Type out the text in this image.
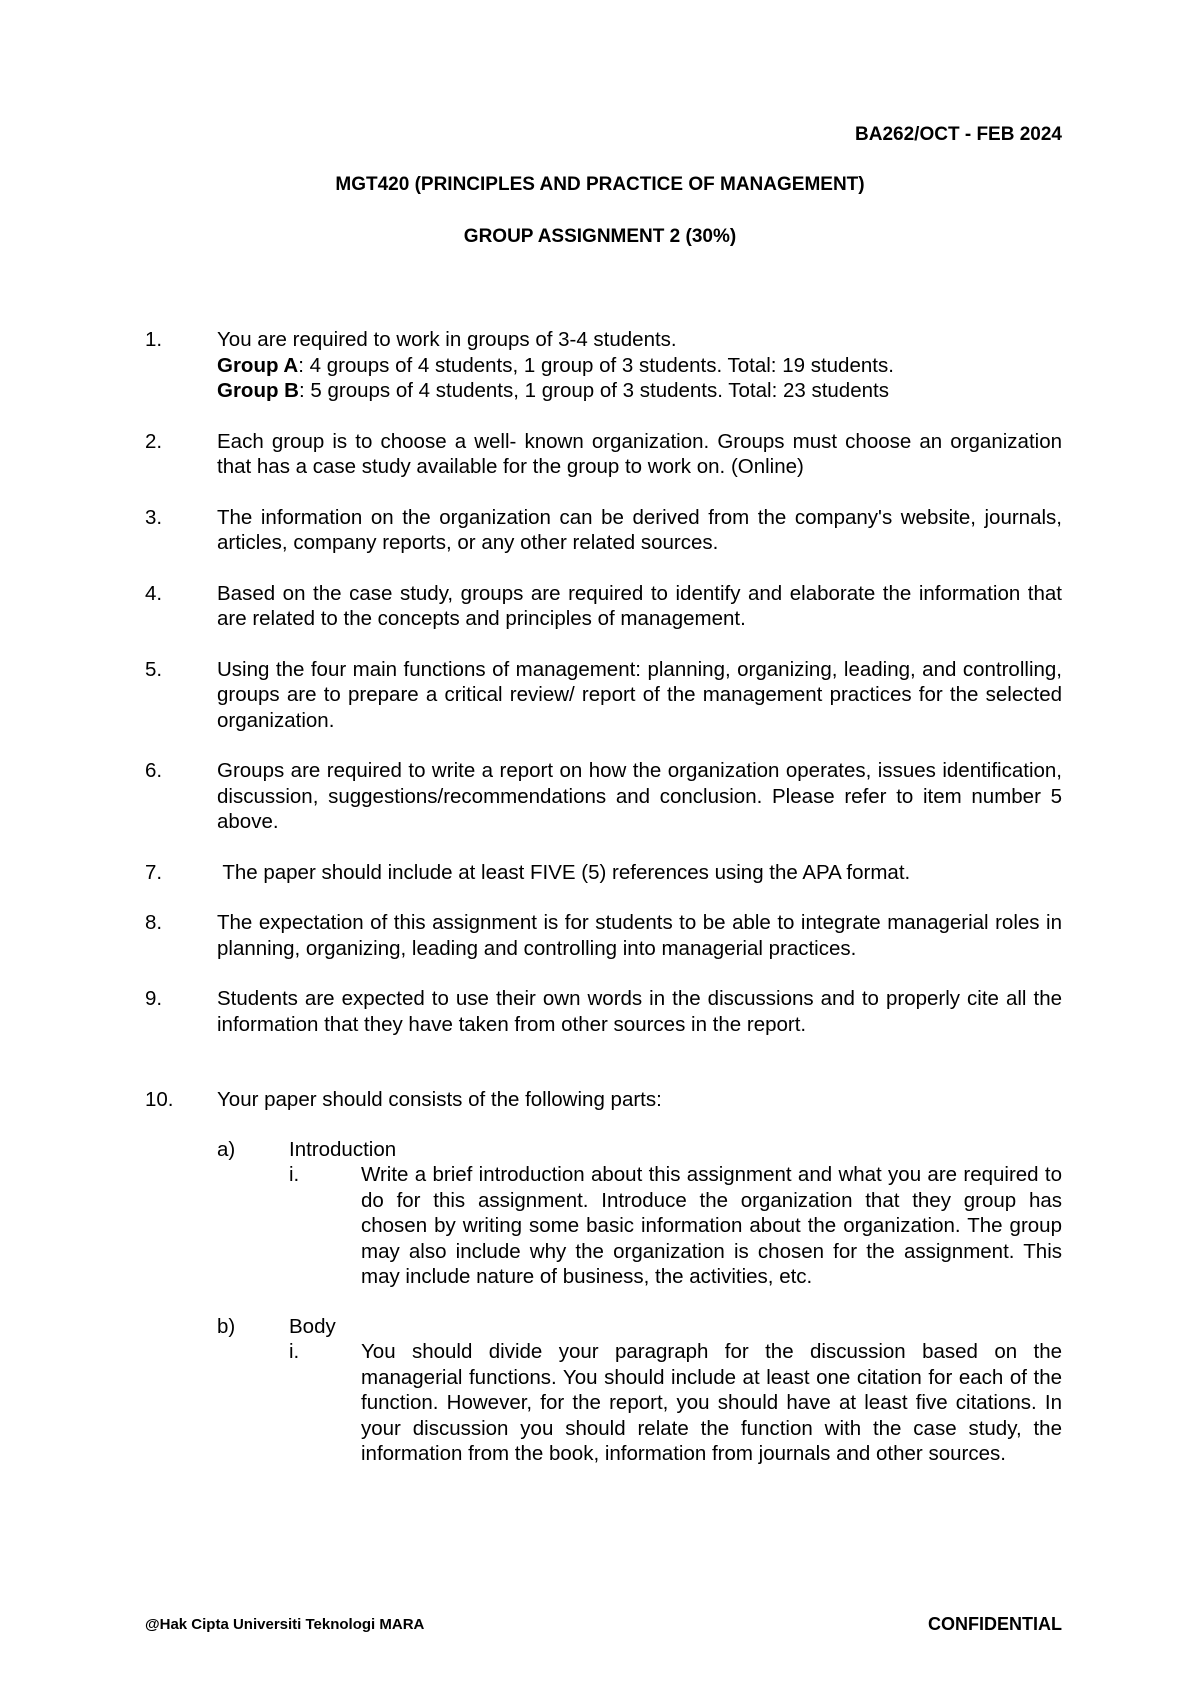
BA262/OCT - FEB 2024
MGT420 (PRINCIPLES AND PRACTICE OF MANAGEMENT)
GROUP ASSIGNMENT 2 (30%)
1.	You are required to work in groups of 3-4 students.
Group A: 4 groups of 4 students, 1 group of 3 students. Total: 19 students.
Group B: 5 groups of 4 students, 1 group of 3 students. Total: 23 students
2.	Each group is to choose a well- known organization. Groups must choose an organization that has a case study available for the group to work on. (Online)
3.	The information on the organization can be derived from the company's website, journals, articles, company reports, or any other related sources.
4.	Based on the case study, groups are required to identify and elaborate the information that are related to the concepts and principles of management.
5.	Using the four main functions of management: planning, organizing, leading, and controlling, groups are to prepare a critical review/ report of the management practices for the selected organization.
6.	Groups are required to write a report on how the organization operates, issues identification, discussion, suggestions/recommendations and conclusion. Please refer to item number 5 above.
7.	The paper should include at least FIVE (5) references using the APA format.
8.	The expectation of this assignment is for students to be able to integrate managerial roles in planning, organizing, leading and controlling into managerial practices.
9.	Students are expected to use their own words in the discussions and to properly cite all the information that they have taken from other sources in the report.
10.	Your paper should consists of the following parts:
a)	Introduction
i.	Write a brief introduction about this assignment and what you are required to do for this assignment. Introduce the organization that they group has chosen by writing some basic information about the organization. The group may also include why the organization is chosen for the assignment. This may include nature of business, the activities, etc.
b)	Body
i.	You should divide your paragraph for the discussion based on the managerial functions. You should include at least one citation for each of the function. However, for the report, you should have at least five citations. In your discussion you should relate the function with the case study, the information from the book, information from journals and other sources.
@Hak Cipta Universiti Teknologi MARA	CONFIDENTIAL
